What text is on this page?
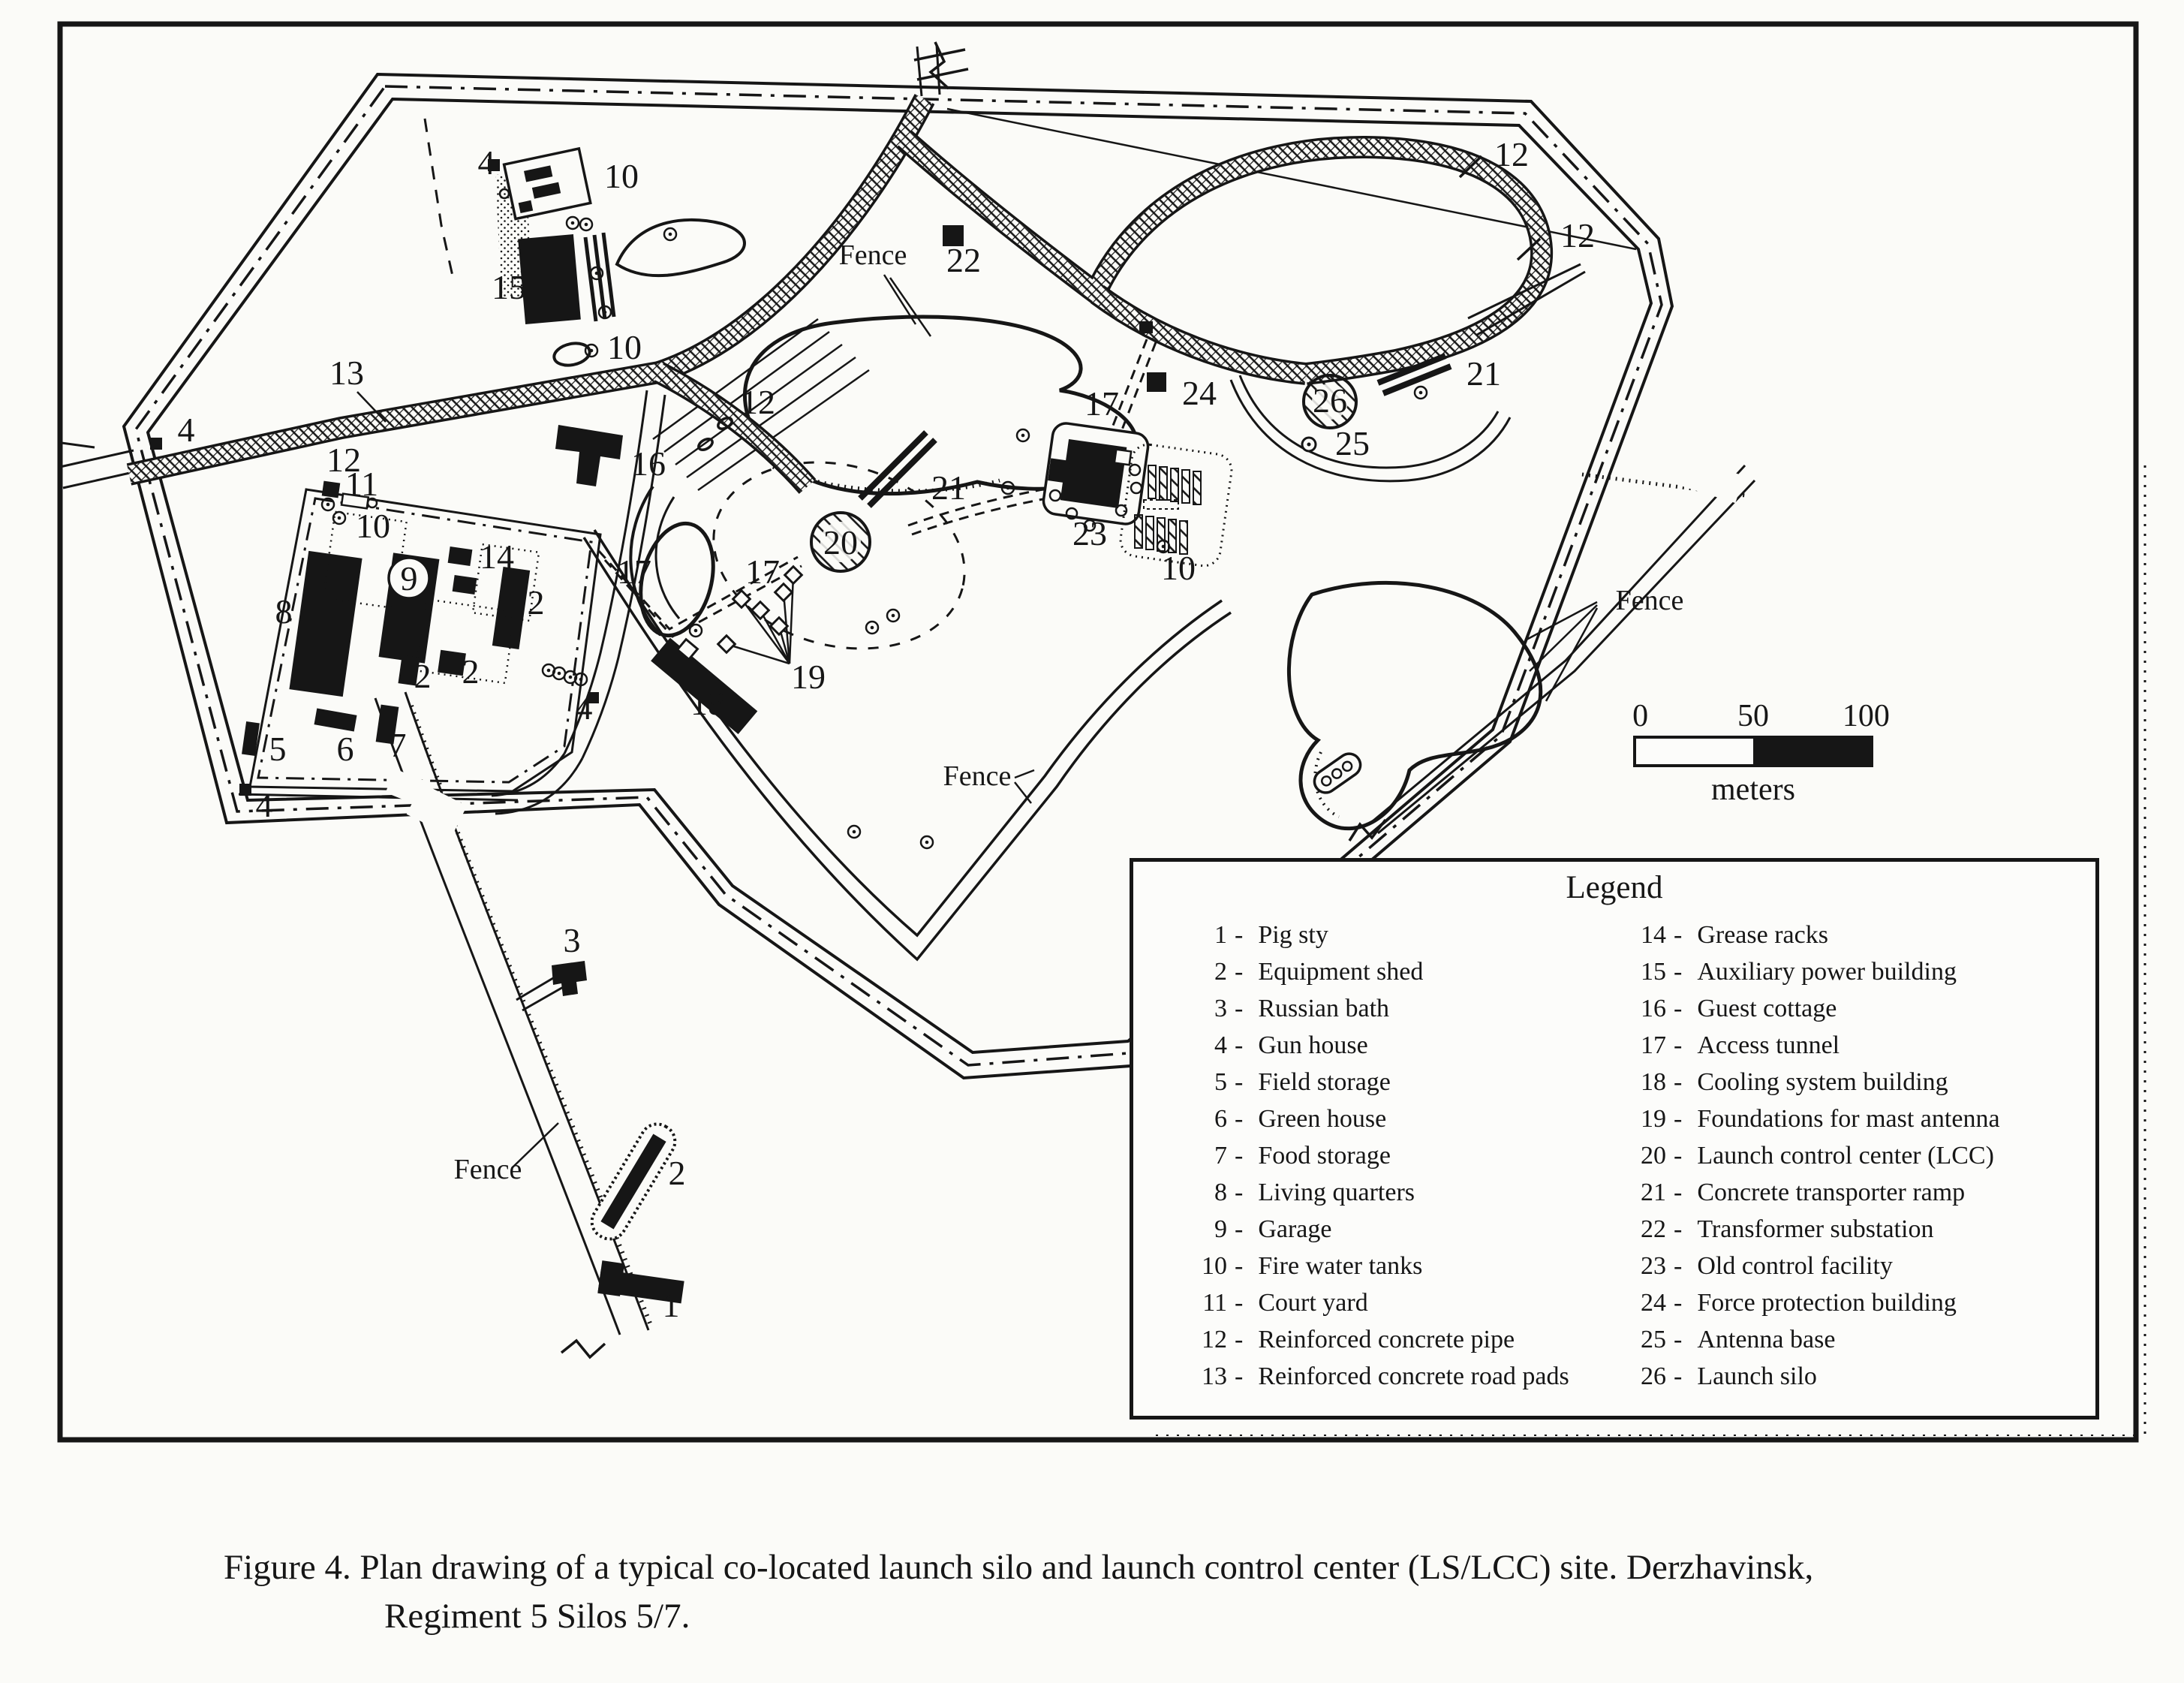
4	10
15
10
13
4
12
11
10
9
14
8	2
2 2
16
17	17
5 6 7
4
4	18
19
20
21
12	17 24
22
23
10
26
25
21
12
12
3
2
1
Fence
Fence
Fence
Fence
Legend
1 - Pig sty
2 - Equipment shed
3 - Russian bath
4 - Gun house
5 - Field storage
6 - Green house
7 - Food storage
8 - Living quarters
9 - Garage
10 - Fire water tanks
11 - Court yard
12 - Reinforced concrete pipe
13 - Reinforced concrete road pads
14 - Grease racks
15 - Auxiliary power building
16 - Guest cottage
17 - Access tunnel
18 - Cooling system building
19 - Foundations for mast antenna
20 - Launch control center (LCC)
21 - Concrete transporter ramp
22 - Transformer substation
23 - Old control facility
24 - Force protection building
25 - Antenna base
26 - Launch silo
0	50 100
meters
Figure 4. Plan drawing of a typical co-located launch silo and launch control center (LS/LCC) site. Derzhavinsk,
Regiment 5 Silos 5/7.
